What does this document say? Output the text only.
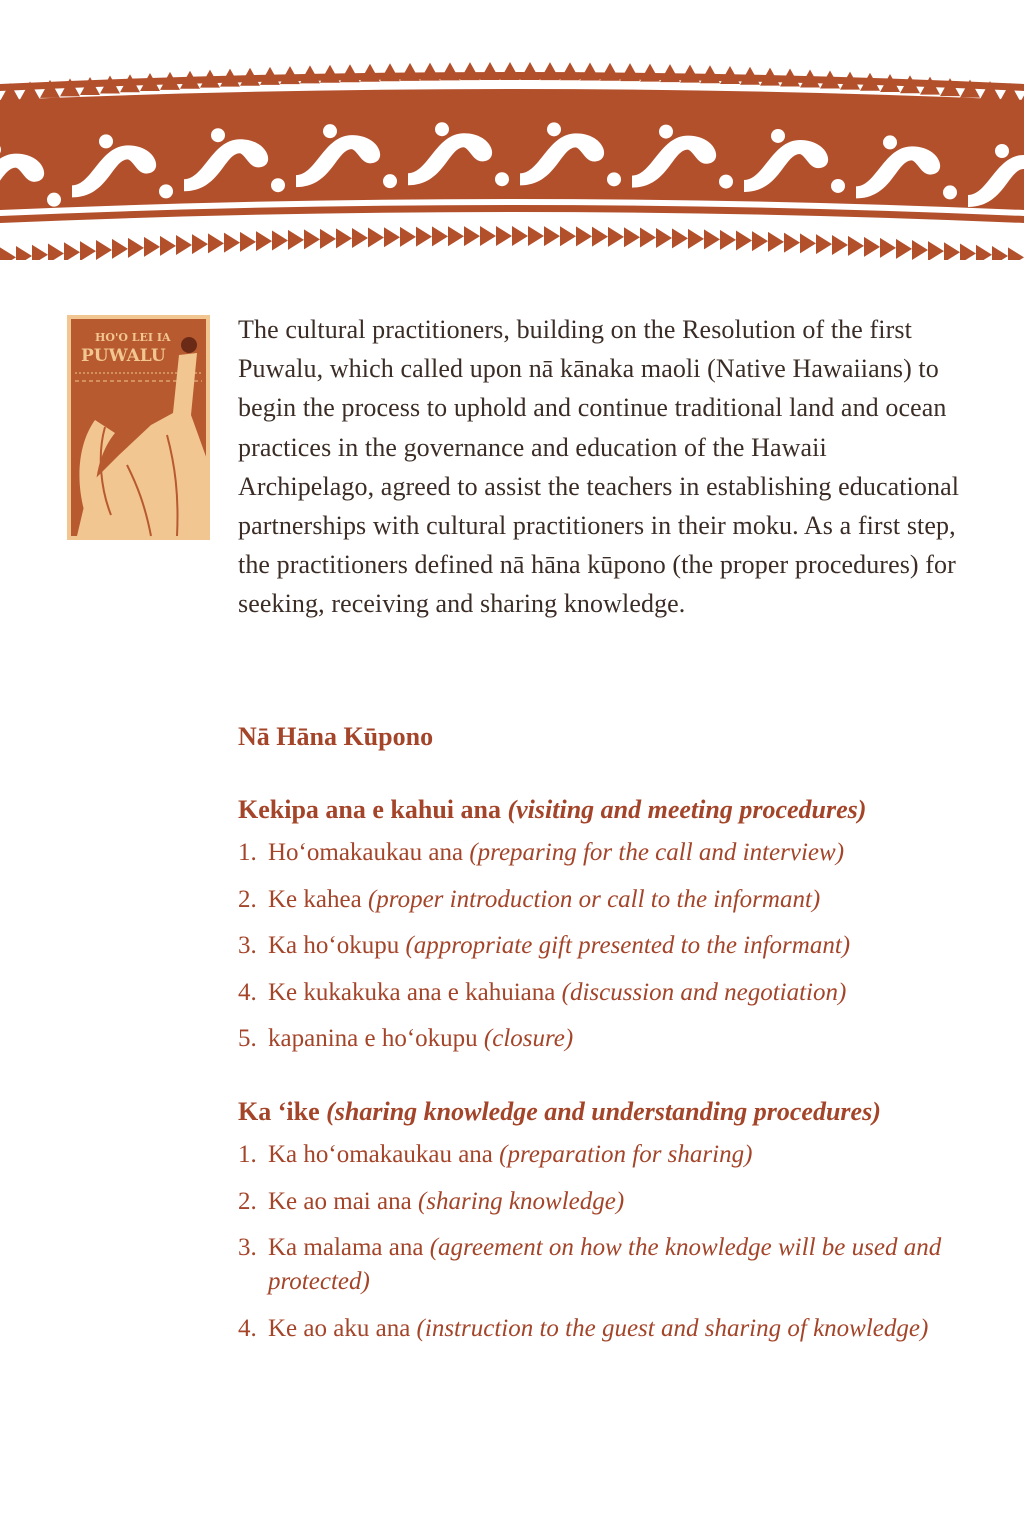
HO'O LEI IA
PUWALU

The cultural practitioners, building on the Resolution of the first Puwalu, which called upon nā kānaka maoli (Native Hawaiians) to begin the process to uphold and continue traditional land and ocean practices in the governance and education of the Hawaii Archipelago, agreed to assist the teachers in establishing educational partnerships with cultural practitioners in their moku. As a first step, the practitioners defined nā hāna kūpono (the proper procedures) for seeking, receiving and sharing knowledge.

Nā Hāna Kūpono
Kekipa ana e kahui ana (visiting and meeting procedures)
1. Hoʻomakaukau ana (preparing for the call and interview)
2. Ke kahea (proper introduction or call to the informant)
3. Ka hoʻokupu (appropriate gift presented to the informant)
4. Ke kukakuka ana e kahuiana (discussion and negotiation)
5. kapanina e hoʻokupu (closure)
Ka ʻike (sharing knowledge and understanding procedures)
1. Ka hoʻomakaukau ana (preparation for sharing)
2. Ke ao mai ana (sharing knowledge)
3. Ka malama ana (agreement on how the knowledge will be used and protected)
4. Ke ao aku ana (instruction to the guest and sharing of knowledge)
